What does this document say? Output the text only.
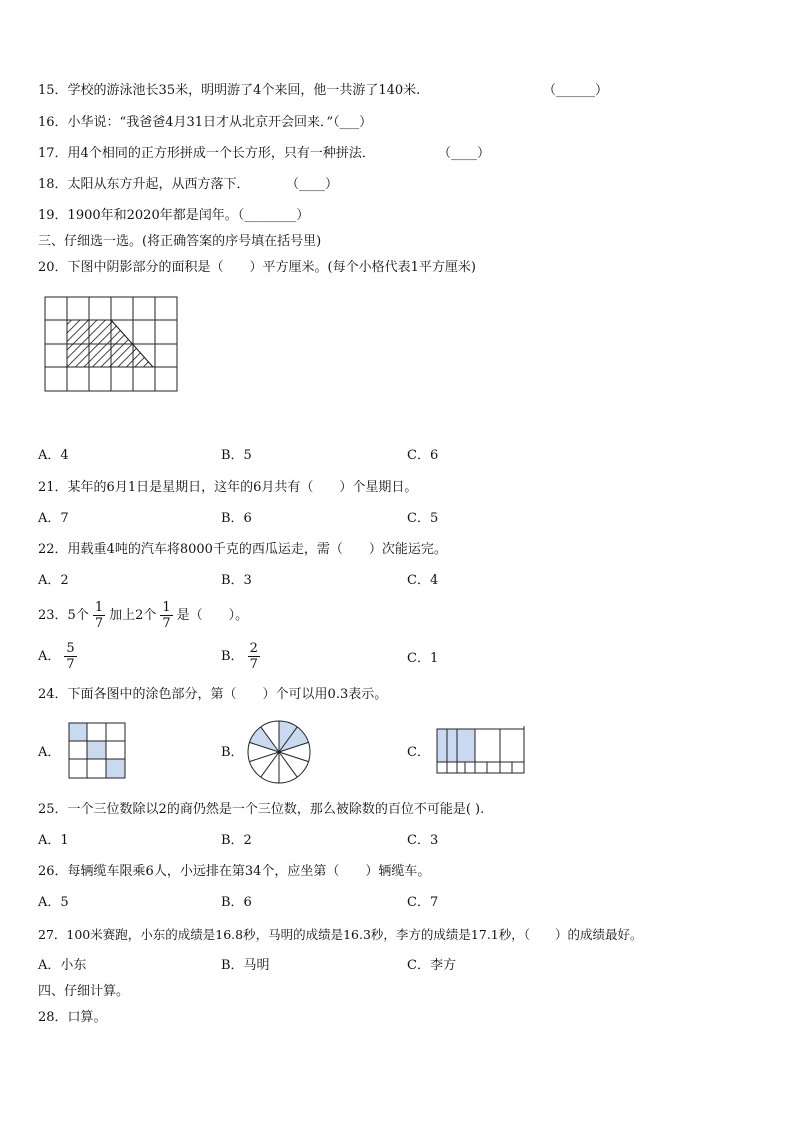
15．学校的游泳池长35米，明明游了4个来回，他一共游了140米.	（______）
16．小华说：“我爸爸4月31日才从北京开会回来．”（___）
17．用4个相同的正方形拼成一个长方形，只有一种拼法．	（____）
18．太阳从东方升起，从西方落下．	（____）
19．1900年和2020年都是闰年。（________）
三、仔细选一选。(将正确答案的序号填在括号里)
20．下图中阴影部分的面积是（　　）平方厘米。(每个小格代表1平方厘米)
A．4	B．5	C．6
21．某年的6月1日是星期日，这年的6月共有（　　）个星期日。
A．7	B．6	C．5
22．用载重4吨的汽车将8000千克的西瓜运走，需（　　）次能运完。
A．2	B．3	C．4
23．5个 $\frac{1}{7}$ 加上2个 $\frac{1}{7}$ 是（　　）。
A． $\frac{5}{7}$	B． $\frac{2}{7}$	C．1
24．下面各图中的涂色部分，第（　　）个可以用0.3表示。
A．	B．	C．
25．一个三位数除以2的商仍然是一个三位数，那么被除数的百位不可能是( ).
A．1	B．2	C．3
26．每辆缆车限乘6人，小远排在第34个，应坐第（　　）辆缆车。
A．5	B．6	C．7
27．100米赛跑，小东的成绩是16.8秒，马明的成绩是16.3秒，李方的成绩是17.1秒，（　　）的成绩最好。
A．小东	B．马明	C．李方
四、仔细计算。
28．口算。
